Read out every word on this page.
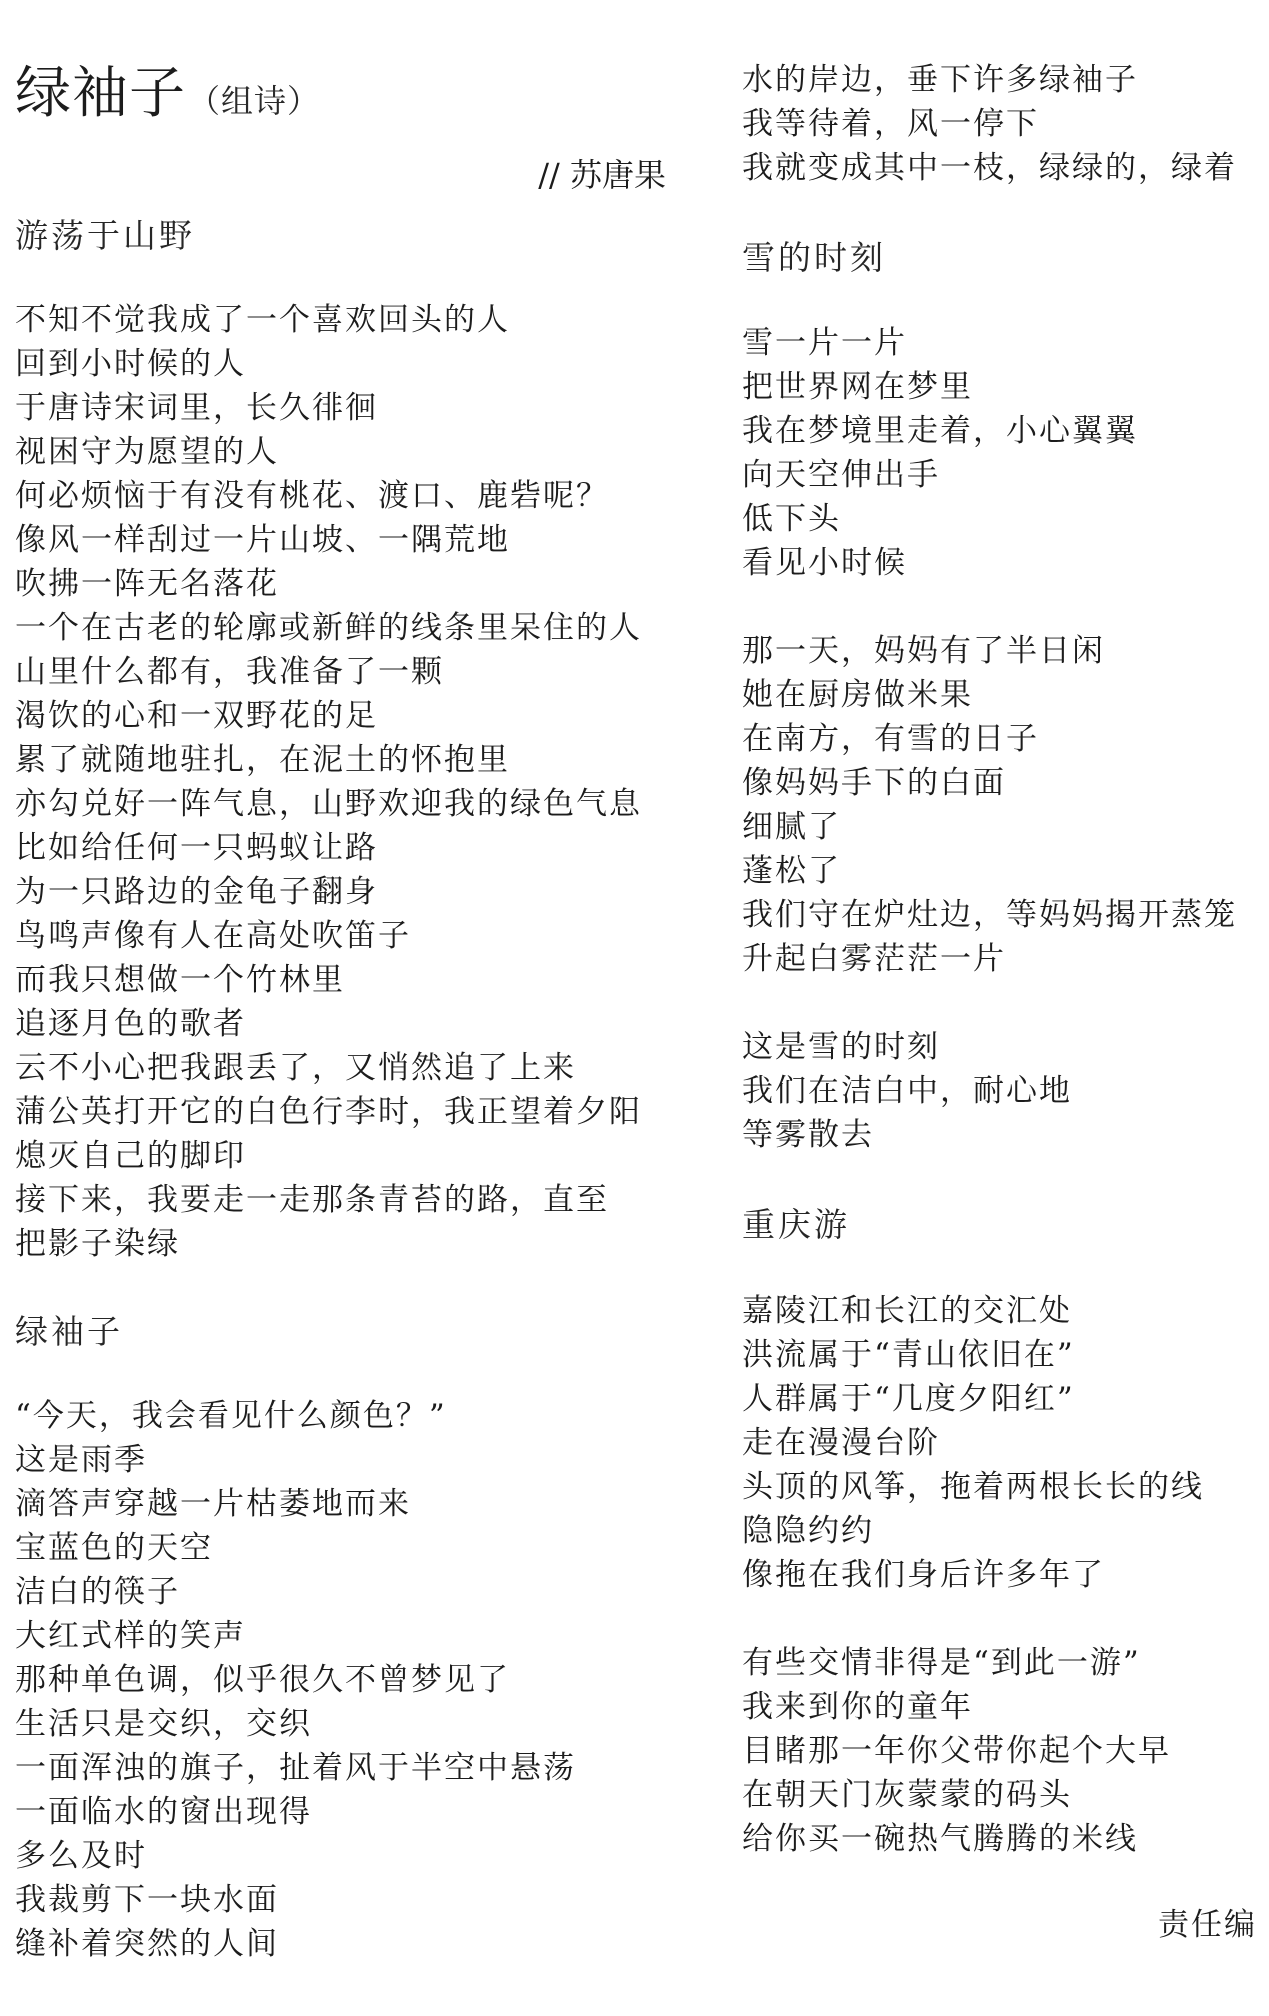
绿袖子（组诗）
// 苏唐果
游荡于山野
不知不觉我成了一个喜欢回头的人
回到小时候的人
于唐诗宋词里，长久徘徊
视困守为愿望的人
何必烦恼于有没有桃花、渡口、鹿砦呢？
像风一样刮过一片山坡、一隅荒地
吹拂一阵无名落花
一个在古老的轮廓或新鲜的线条里呆住的人
山里什么都有，我准备了一颗
渴饮的心和一双野花的足
累了就随地驻扎，在泥土的怀抱里
亦勾兑好一阵气息，山野欢迎我的绿色气息
比如给任何一只蚂蚁让路
为一只路边的金龟子翻身
鸟鸣声像有人在高处吹笛子
而我只想做一个竹林里
追逐月色的歌者
云不小心把我跟丢了，又悄然追了上来
蒲公英打开它的白色行李时，我正望着夕阳
熄灭自己的脚印
接下来，我要走一走那条青苔的路，直至
把影子染绿
绿袖子
“今天，我会看见什么颜色？”
这是雨季
滴答声穿越一片枯萎地而来
宝蓝色的天空
洁白的筷子
大红式样的笑声
那种单色调，似乎很久不曾梦见了
生活只是交织，交织
一面浑浊的旗子，扯着风于半空中悬荡
一面临水的窗出现得
多么及时
我裁剪下一块水面
缝补着突然的人间
水的岸边，垂下许多绿袖子
我等待着，风一停下
我就变成其中一枝，绿绿的，绿着
雪的时刻
雪一片一片
把世界网在梦里
我在梦境里走着，小心翼翼
向天空伸出手
低下头
看见小时候
那一天，妈妈有了半日闲
她在厨房做米果
在南方，有雪的日子
像妈妈手下的白面
细腻了
蓬松了
我们守在炉灶边，等妈妈揭开蒸笼
升起白雾茫茫一片
这是雪的时刻
我们在洁白中，耐心地
等雾散去
重庆游
嘉陵江和长江的交汇处
洪流属于“青山依旧在”
人群属于“几度夕阳红”
走在漫漫台阶
头顶的风筝，拖着两根长长的线
隐隐约约
像拖在我们身后许多年了
有些交情非得是“到此一游”
我来到你的童年
目睹那一年你父带你起个大早
在朝天门灰蒙蒙的码头
给你买一碗热气腾腾的米线
责任编
